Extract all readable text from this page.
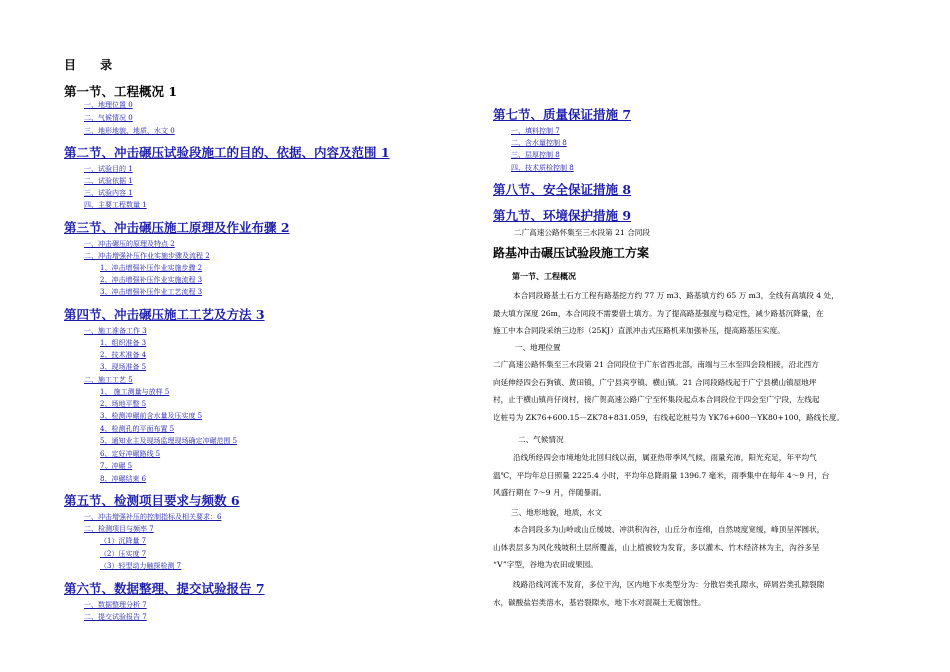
目 录
第一节、工程概况 1
一、地理位置 0
二、气候情况 0
三、地形地貌、地质、水文 0
第二节、冲击碾压试验段施工的目的、依据、内容及范围 1
一、试验目的 1
二、试验依据 1
三、试验内容 1
四、主要工程数量 1
第三节、冲击碾压施工原理及作业布骤 2
一、冲击碾压的原理及特点 2
二、冲击增强补压作业实施步骤及流程 2
1、冲击增强补压作业实施步骤 2
2、冲击增强补压作业实施流程 3
3、冲击增强补压作业工艺流程 3
第四节、冲击碾压施工工艺及方法 3
一、施工准备工作 3
1、组织准备 3
2、技术准备 4
3、现场准备 5
二、施工工艺 5
1、 施工测量与放样 5
2、场地平整 5
3、检测冲碾前含水量及压实度 5
4、检测孔的平面布置 5
5、通知业主及现场监理现场确定冲碾范围 5
6、定好冲碾路线 5
7、冲碾 5
8、冲碾结束 6
第五节、检测项目要求与频数 6
一、冲击增强补压的控制指标及相关要求：6
二、检测项目与频率 7
（1）沉降量 7
（2）压实度 7
（3）轻型动力触探检测 7
第六节、数据整理、提交试验报告 7
一、数据整理分析 7
二、提交试验报告 7
第七节、质量保证措施 7
一、填料控制 7
二、含水量控制 8
三、层厚控制 8
四、技术质检控制 8
第八节、安全保证措施 8
第九节、环境保护措施 9
二广高速公路怀集至三水段第 21 合同段
路基冲击碾压试验段施工方案
第一节、工程概况
本合同段路基土石方工程有路基挖方约 77 万 m3、路基填方约 65 万 m3，全线有高填段 4 处，
最大填方深度 26m，本合同段不需要借土填方。为了提高路基强度与稳定性，减少路基沉降量，在
施工中本合同段采纳三边形（25KJ）直派冲击式压路机来加强补压，提高路基压实度。
一、地理位置
二广高速公路怀集至三水段第 21 合同段位于广东省西北部，南端与三水至四会段相接，沿北西方
向延伸经四会石狗镇、黄田镇，广宁县宾亨镇、横山镇。21 合同段路线起于广宁县横山镇屋地坪
村，止于横山镇肖仔岗村，接广贺高速公路广宁至怀集段起点本合同段位于四会至广宁段，左线起
讫桩号为 ZK76+600.15－ZK78+831.059，右线起讫桩号为 YK76+600－YK80+100，路线长度。
二、气候情况
沿线所经四会市境地处北回归线以南，属亚热带季风气候，雨量充沛，阳光充足，年平均气
温℃，平均年总日照量 2225.4 小时，平均年总降雨量 1396.7 毫米，雨季集中在每年 4～9 月，台
风盛行期在 7～9 月，伴随暴雨。
三、地形地貌，地质，水文
本合同段多为山岭或山丘缓坡、冲洪积沟谷，山丘分布连绵，自然坡度宽缓，峰顶呈浑圆状，
山体表层多为风化残坡积土层所覆盖，山上植被较为发育，多以灌木、竹木经济林为主，沟谷多呈
“V”字型，谷地为农田或果园。
线路沿线河流不发育，多位干沟，区内地下水类型分为：分散岩类孔隙水，碎屑岩类孔隙裂隙
水，碳酸盐岩类溶水，基岩裂隙水，地下水对混凝土无腐蚀性。
